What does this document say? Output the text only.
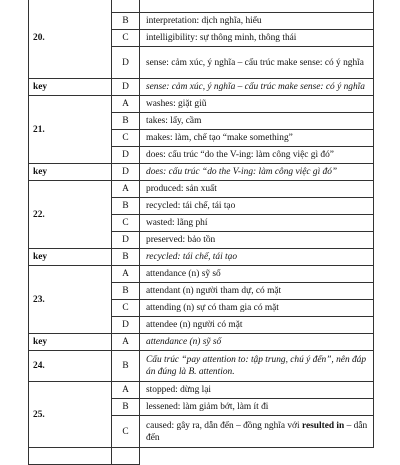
20.		
	B	interpretation: dịch nghĩa, hiểu
	C	intelligibility: sự thông minh, thông thái
	D	sense: cảm xúc, ý nghĩa – cấu trúc make sense: có ý nghĩa
key	D	sense: cảm xúc, ý nghĩa – cấu trúc make sense: có ý nghĩa
21.	A	washes: giặt giũ
	B	takes: lấy, cầm
	C	makes: làm, chế tạo “make something”
	D	does: cấu trúc “do the V-ing: làm công việc gì đó”
key	D	does: cấu trúc “do the V-ing: làm công việc gì đó”
22.	A	produced: sản xuất
	B	recycled: tái chế, tái tạo
	C	wasted: lãng phí
	D	preserved: bảo tồn
key	B	recycled: tái chế, tái tạo
23.	A	attendance (n) sỹ số
	B	attendant (n) người tham dự, có mặt
	C	attending (n) sự có tham gia có mặt
	D	attendee (n) người có mặt
key	A	attendance (n) sỹ số
24.	B	Cấu trúc “pay attention to: tập trung, chú ý đến”, nên đáp án đúng là B. attention.
25.	A	stopped: dừng lại
	B	lessened: làm giảm bớt, làm ít đi
	C	caused: gây ra, dẫn đến – đồng nghĩa với resulted in – dẫn đến
